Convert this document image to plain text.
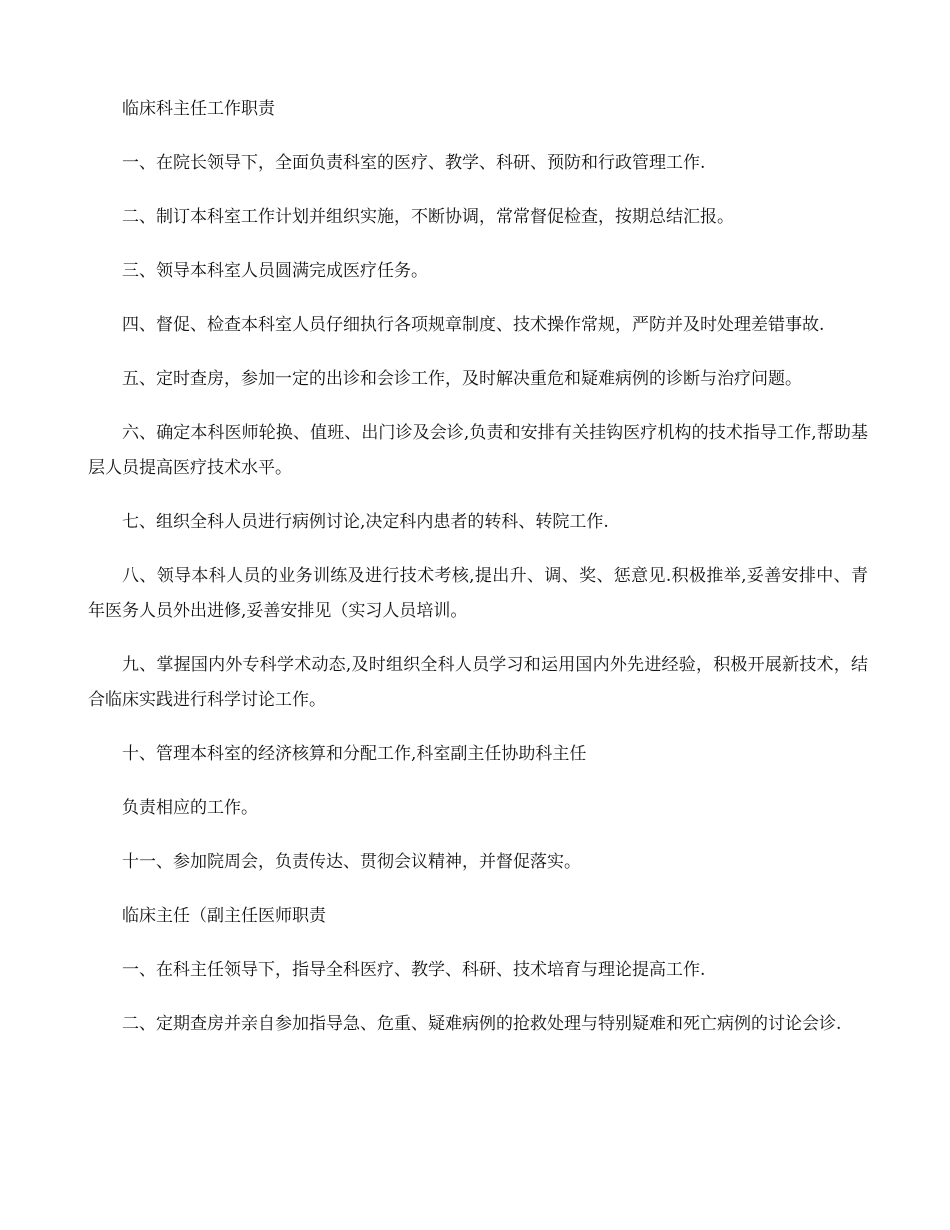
临床科主任工作职责

一、在院长领导下，全面负责科室的医疗、教学、科研、预防和行政管理工作.

二、制订本科室工作计划并组织实施，不断协调，常常督促检查，按期总结汇报。

三、领导本科室人员圆满完成医疗任务。

四、督促、检查本科室人员仔细执行各项规章制度、技术操作常规，严防并及时处理差错事故.

五、定时查房，参加一定的出诊和会诊工作，及时解决重危和疑难病例的诊断与治疗问题。

六、确定本科医师轮换、值班、出门诊及会诊,负责和安排有关挂钩医疗机构的技术指导工作,帮助基层人员提高医疗技术水平。

七、组织全科人员进行病例讨论,决定科内患者的转科、转院工作.

八、领导本科人员的业务训练及进行技术考核,提出升、调、奖、惩意见.积极推举,妥善安排中、青年医务人员外出进修,妥善安排见（实习人员培训。

九、掌握国内外专科学术动态,及时组织全科人员学习和运用国内外先进经验，积极开展新技术，结合临床实践进行科学讨论工作。

十、管理本科室的经济核算和分配工作,科室副主任协助科主任

负责相应的工作。

十一、参加院周会，负责传达、贯彻会议精神，并督促落实。

临床主任（副主任医师职责

一、在科主任领导下，指导全科医疗、教学、科研、技术培育与理论提高工作.

二、定期查房并亲自参加指导急、危重、疑难病例的抢救处理与特别疑难和死亡病例的讨论会诊.
